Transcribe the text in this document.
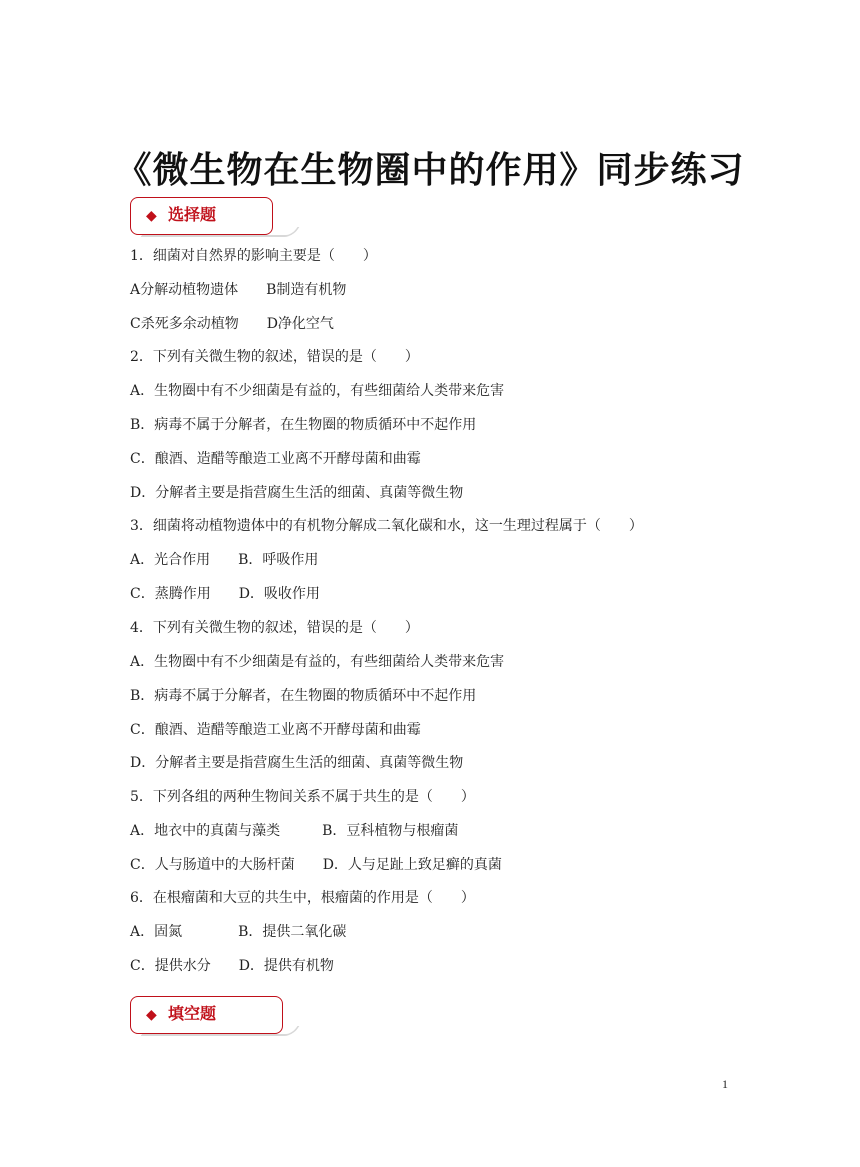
《微生物在生物圈中的作用》同步练习
◆ 选择题
1．细菌对自然界的影响主要是（　　）
A分解动植物遗体　　B制造有机物
C杀死多余动植物　　D净化空气
2．下列有关微生物的叙述，错误的是（　　）
A．生物圈中有不少细菌是有益的，有些细菌给人类带来危害
B．病毒不属于分解者，在生物圈的物质循环中不起作用
C．酿酒、造醋等酿造工业离不开酵母菌和曲霉
D．分解者主要是指营腐生生活的细菌、真菌等微生物
3．细菌将动植物遗体中的有机物分解成二氧化碳和水，这一生理过程属于（　　）
A．光合作用　　B．呼吸作用
C．蒸腾作用　　D．吸收作用
4．下列有关微生物的叙述，错误的是（　　）
A．生物圈中有不少细菌是有益的，有些细菌给人类带来危害
B．病毒不属于分解者，在生物圈的物质循环中不起作用
C．酿酒、造醋等酿造工业离不开酵母菌和曲霉
D．分解者主要是指营腐生生活的细菌、真菌等微生物
5．下列各组的两种生物间关系不属于共生的是（　　）
A．地衣中的真菌与藻类　　　B．豆科植物与根瘤菌
C．人与肠道中的大肠杆菌　　D．人与足趾上致足癣的真菌
6．在根瘤菌和大豆的共生中，根瘤菌的作用是（　　）
A．固氮　　　　B．提供二氧化碳
C．提供水分　　D．提供有机物
◆ 填空题
1
